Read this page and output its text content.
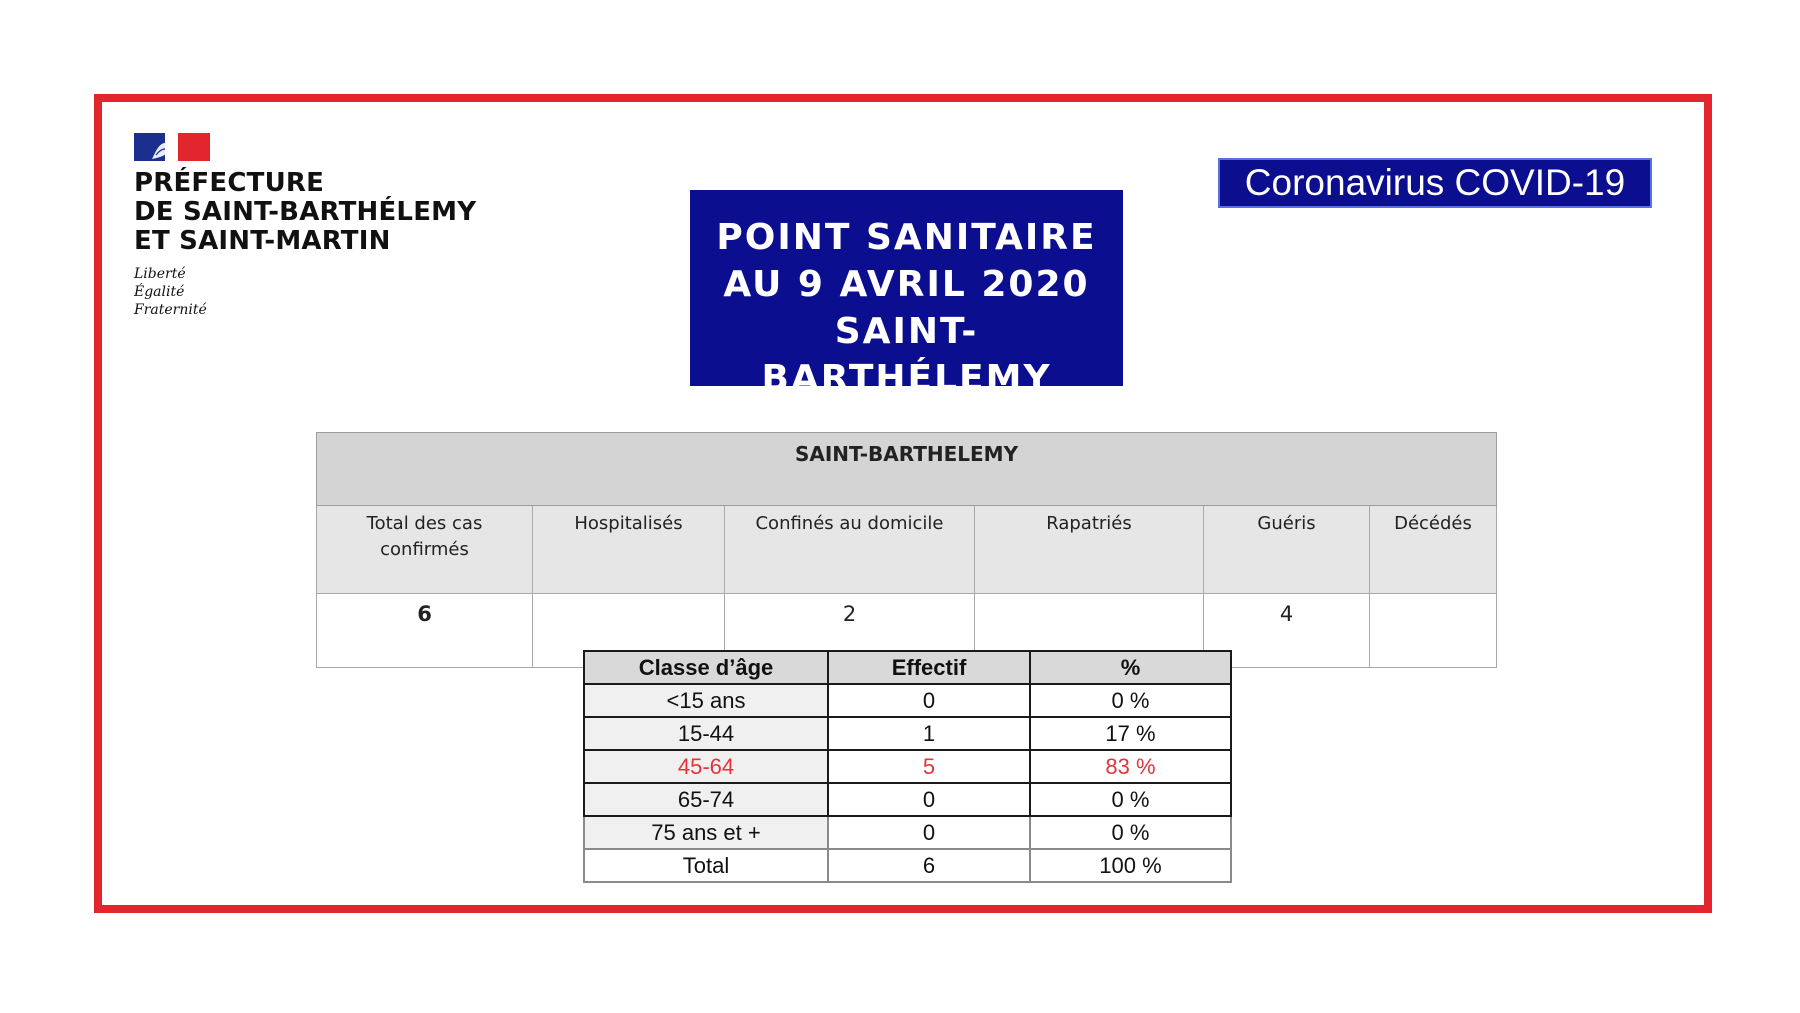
PRÉFECTURE
DE SAINT-BARTHÉLEMY
ET SAINT-MARTIN
Liberté
Égalité
Fraternité
Coronavirus COVID-19
POINT SANITAIRE
AU 9 AVRIL 2020
SAINT-BARTHÉLEMY
SAINT-BARTHELEMY					
Total des cas confirmés	Hospitalisés	Confinés au domicile	Rapatriés	Guéris	Décédés
6		2		4	
Classe d’âge	Effectif	%
<15 ans	0	0 %
15-44	1	17 %
45-64	5	83 %
65-74	0	0 %
75 ans et +	0	0 %
Total	6	100 %
